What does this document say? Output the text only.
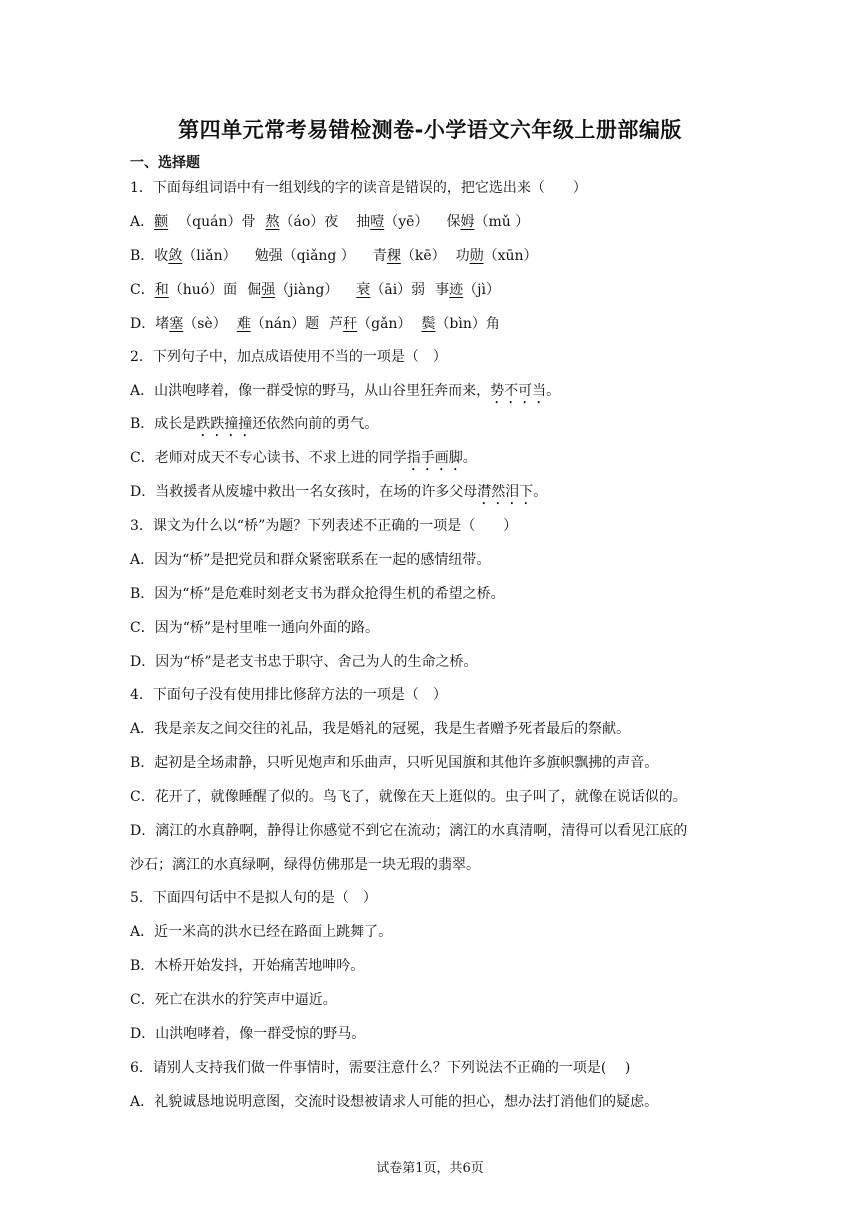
第四单元常考易错检测卷-小学语文六年级上册部编版
一、选择题
1．下面每组词语中有一组划线的字的读音是错误的，把它选出来（　　）
A．颧 （quán）骨 熬（áo）夜 抽噎（yē） 保姆（mǔ ）
B．收敛（liǎn） 勉强（qiǎng ） 青稞（kē） 功勋（xūn）
C．和（huó）面 倔强（jiàng） 衰（āi）弱 事迹（jì）
D．堵塞（sè） 难（nán）题 芦秆（gǎn） 鬓（bìn）角
2．下列句子中，加点成语使用不当的一项是（　）
A．山洪咆哮着，像一群受惊的野马，从山谷里狂奔而来，势不可当。
B．成长是跌跌撞撞还依然向前的勇气。
C．老师对成天不专心读书、不求上进的同学指手画脚。
D．当救援者从废墟中救出一名女孩时，在场的许多父母潸然泪下。
3．课文为什么以“桥”为题？下列表述不正确的一项是（　　）
A．因为“桥”是把党员和群众紧密联系在一起的感情纽带。
B．因为“桥”是危难时刻老支书为群众抢得生机的希望之桥。
C．因为“桥”是村里唯一通向外面的路。
D．因为“桥”是老支书忠于职守、舍己为人的生命之桥。
4．下面句子没有使用排比修辞方法的一项是（　）
A．我是亲友之间交往的礼品，我是婚礼的冠冕，我是生者赠予死者最后的祭献。
B．起初是全场肃静，只听见炮声和乐曲声，只听见国旗和其他许多旗帜飘拂的声音。
C．花开了，就像睡醒了似的。鸟飞了，就像在天上逛似的。虫子叫了，就像在说话似的。
D．漓江的水真静啊，静得让你感觉不到它在流动；漓江的水真清啊，清得可以看见江底的
沙石；漓江的水真绿啊，绿得仿佛那是一块无瑕的翡翠。
5．下面四句话中不是拟人句的是（　）
A．近一米高的洪水已经在路面上跳舞了。
B．木桥开始发抖，开始痛苦地呻吟。
C．死亡在洪水的狞笑声中逼近。
D．山洪咆哮着，像一群受惊的野马。
6．请别人支持我们做一件事情时，需要注意什么？下列说法不正确的一项是(　 )
A．礼貌诚恳地说明意图，交流时设想被请求人可能的担心，想办法打消他们的疑虑。
试卷第1页，共6页
